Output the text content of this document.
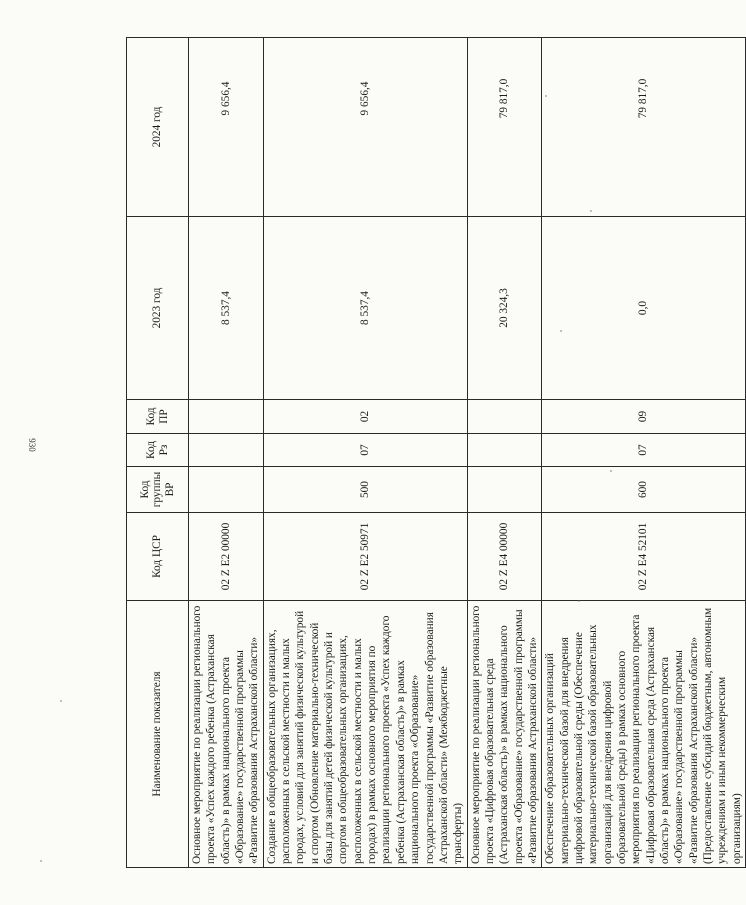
930
Наименование показателя	Код ЦСР	Код группы ВР	Код Рз	Код ПР	2023 год	2024 год
Основное мероприятие по реализации регионального проекта «Успех каждого ребенка (Астраханская область)» в рамках национального проекта «Образование» государственной программы «Развитие образования Астраханской области»	02 Z E2 00000				8 537,4	9 656,4
Создание в общеобразовательных организациях, расположенных в сельской местности и малых городах, условий для занятий физической культурой и спортом (Обновление материально-технической базы для занятий детей физической культурой и спортом в общеобразовательных организациях, расположенных в сельской местности и малых городах) в рамках основного мероприятия по реализации регионального проекта «Успех каждого ребенка (Астраханская область)» в рамках национального проекта «Образование» государственной программы «Развитие образования Астраханской области» (Межбюджетные трансферты)	02 Z E2 50971	500	07	02	8 537,4	9 656,4
Основное мероприятие по реализации регионального проекта «Цифровая образовательная среда (Астраханская область)» в рамках национального проекта «Образование» государственной программы «Развитие образования Астраханской области»	02 Z E4 00000				20 324,3	79 817,0
Обеспечение образовательных организаций материально-технической базой для внедрения цифровой образовательной среды (Обеспечение материально-технической базой образовательных организаций для внедрения цифровой образовательной среды) в рамках основного мероприятия по реализации регионального проекта «Цифровая образовательная среда (Астраханская область)» в рамках национального проекта «Образование» государственной программы «Развитие образования Астраханской области» (Предоставление субсидий бюджетным, автономным учреждениям и иным некоммерческим организациям)	02 Z E4 52101	600	07	09	0,0	79 817,0
